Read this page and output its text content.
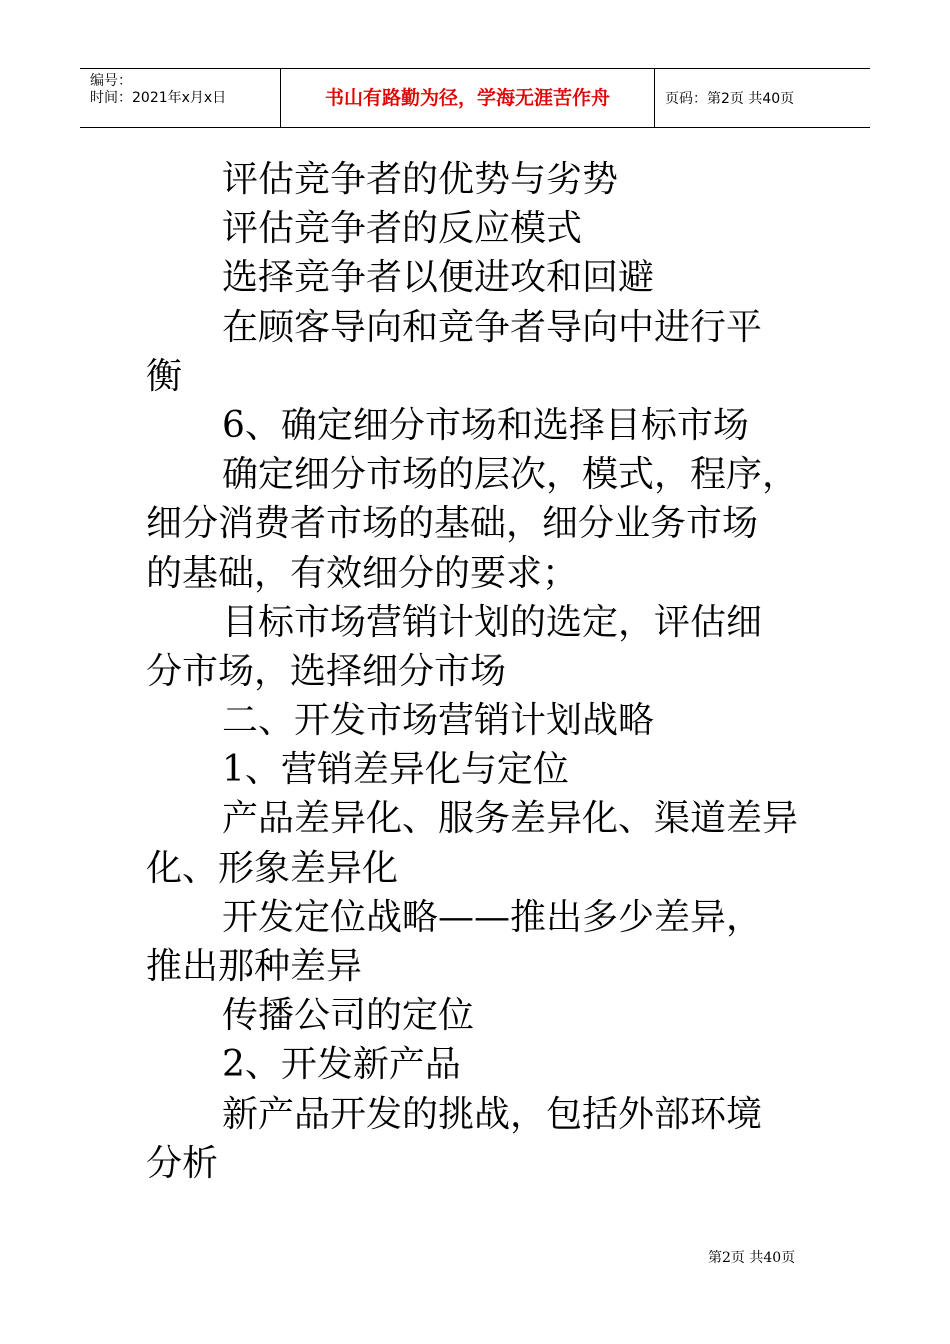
编号：
时间：2021年x月x日	书山有路勤为径，学海无涯苦作舟	页码：第2页 共40页
评估竞争者的优势与劣势
评估竞争者的反应模式
选择竞争者以便进攻和回避
在顾客导向和竞争者导向中进行平
衡
6、确定细分市场和选择目标市场
确定细分市场的层次，模式，程序，
细分消费者市场的基础，细分业务市场
的基础，有效细分的要求；
目标市场营销计划的选定，评估细
分市场，选择细分市场
二、开发市场营销计划战略
1、营销差异化与定位
产品差异化、服务差异化、渠道差异
化、形象差异化
开发定位战略——推出多少差异，
推出那种差异
传播公司的定位
2、开发新产品
新产品开发的挑战，包括外部环境
分析
第2页 共40页
